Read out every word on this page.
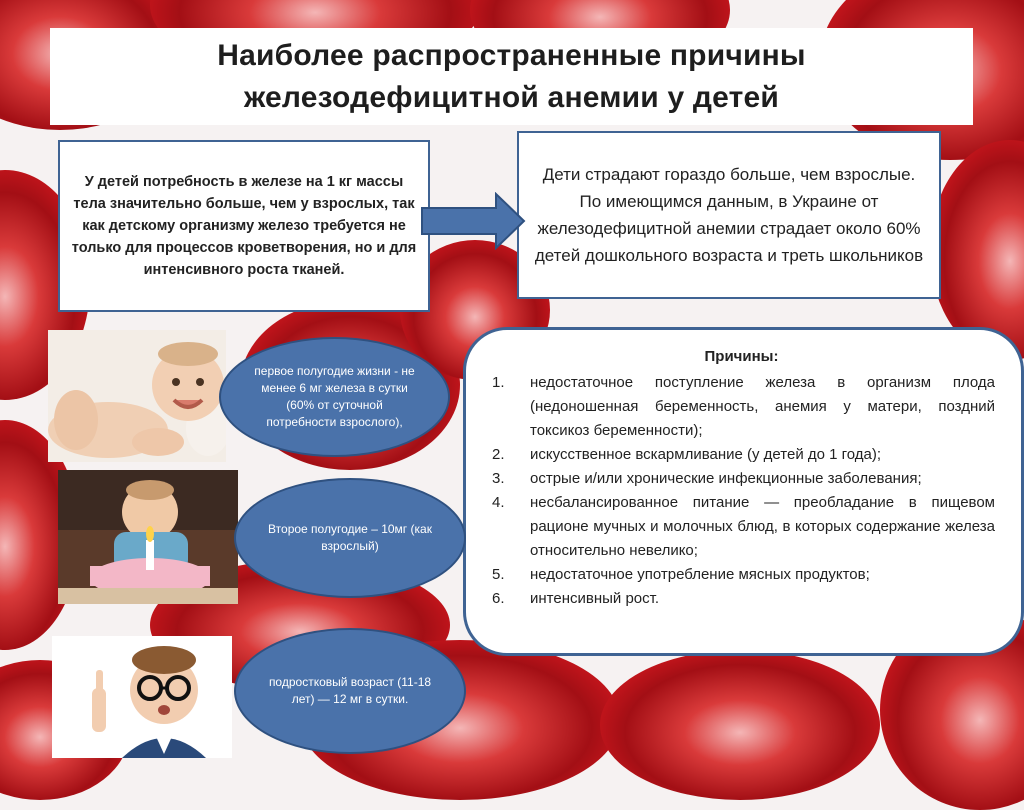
Наиболее распространенные причины
железодефицитной анемии у детей
У детей потребность в железе на 1 кг массы тела значительно больше, чем у взрослых, так как детскому организму железо требуется не только для процессов кроветворения, но и для интенсивного роста тканей.
Дети страдают гораздо больше, чем взрослые. По имеющимся данным, в Украине от железодефицитной анемии страдает около 60% детей дошкольного возраста и треть школьников
первое полугодие жизни - не менее 6 мг железа в сутки (60% от суточной потребности взрослого),
Второе полугодие – 10мг (как взрослый)
подростковый возраст (11-18 лет) — 12 мг в сутки.
Причины:
1. недостаточное поступление железа в организм плода (недоношенная беременность, анемия у матери, поздний токсикоз беременности);
2. искусственное вскармливание (у детей до 1 года);
3. острые и/или хронические инфекционные заболевания;
4. несбалансированное питание — преобладание в пищевом рационе мучных и молочных блюд, в которых содержание железа относительно невелико;
5. недостаточное употребление мясных продуктов;
6. интенсивный рост.
